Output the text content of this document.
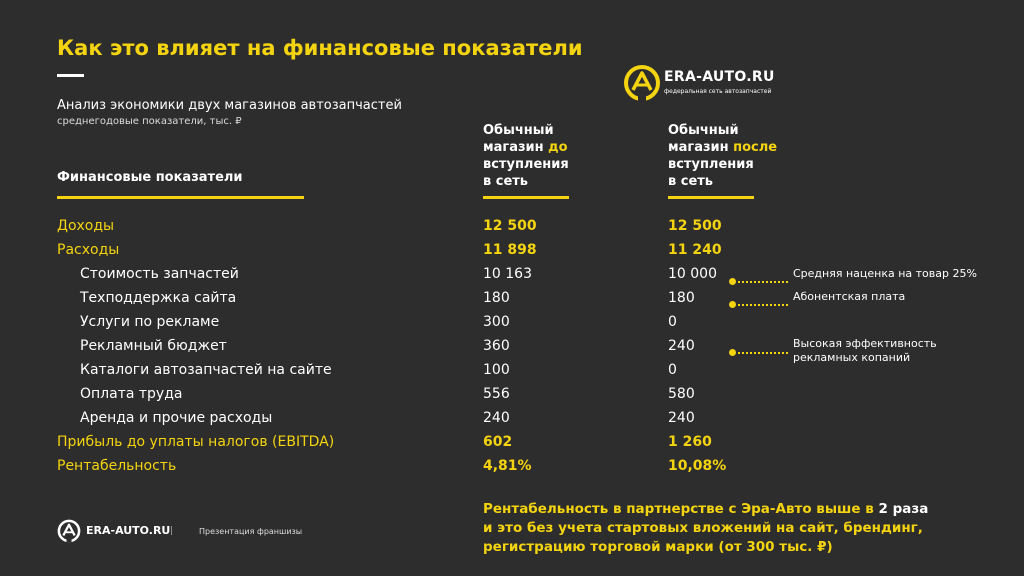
Как это влияет на финансовые показатели
Анализ экономики двух магазинов автозапчастей
среднегодовые показатели, тыс. ₽
ERA-AUTO.RU
федеральная сеть автозапчастей
Финансовые показатели
Обычный
магазин до
вступления
в сеть
Обычный
магазин после
вступления
в сеть
Доходы	12 500	12 500
Расходы	11 898	11 240
Стоимость запчастей	10 163	10 000
Техподдержка сайта	180	180
Услуги по рекламе	300	0
Рекламный бюджет	360	240
Каталоги автозапчастей на сайте	100	0
Оплата труда	556	580
Аренда и прочие расходы	240	240
Прибыль до уплаты налогов (EBITDA)	602	1 260
Рентабельность	4,81%	10,08%
Средняя наценка на товар 25%
Абонентская плата
Высокая эффективность
рекламных копаний
Рентабельность в партнерстве с Эра-Авто выше в 2 раза
и это без учета стартовых вложений на сайт, брендинг,
регистрацию торговой марки (от 300 тыс. ₽)
ERA-AUTO.RU |	Презентация франшизы
